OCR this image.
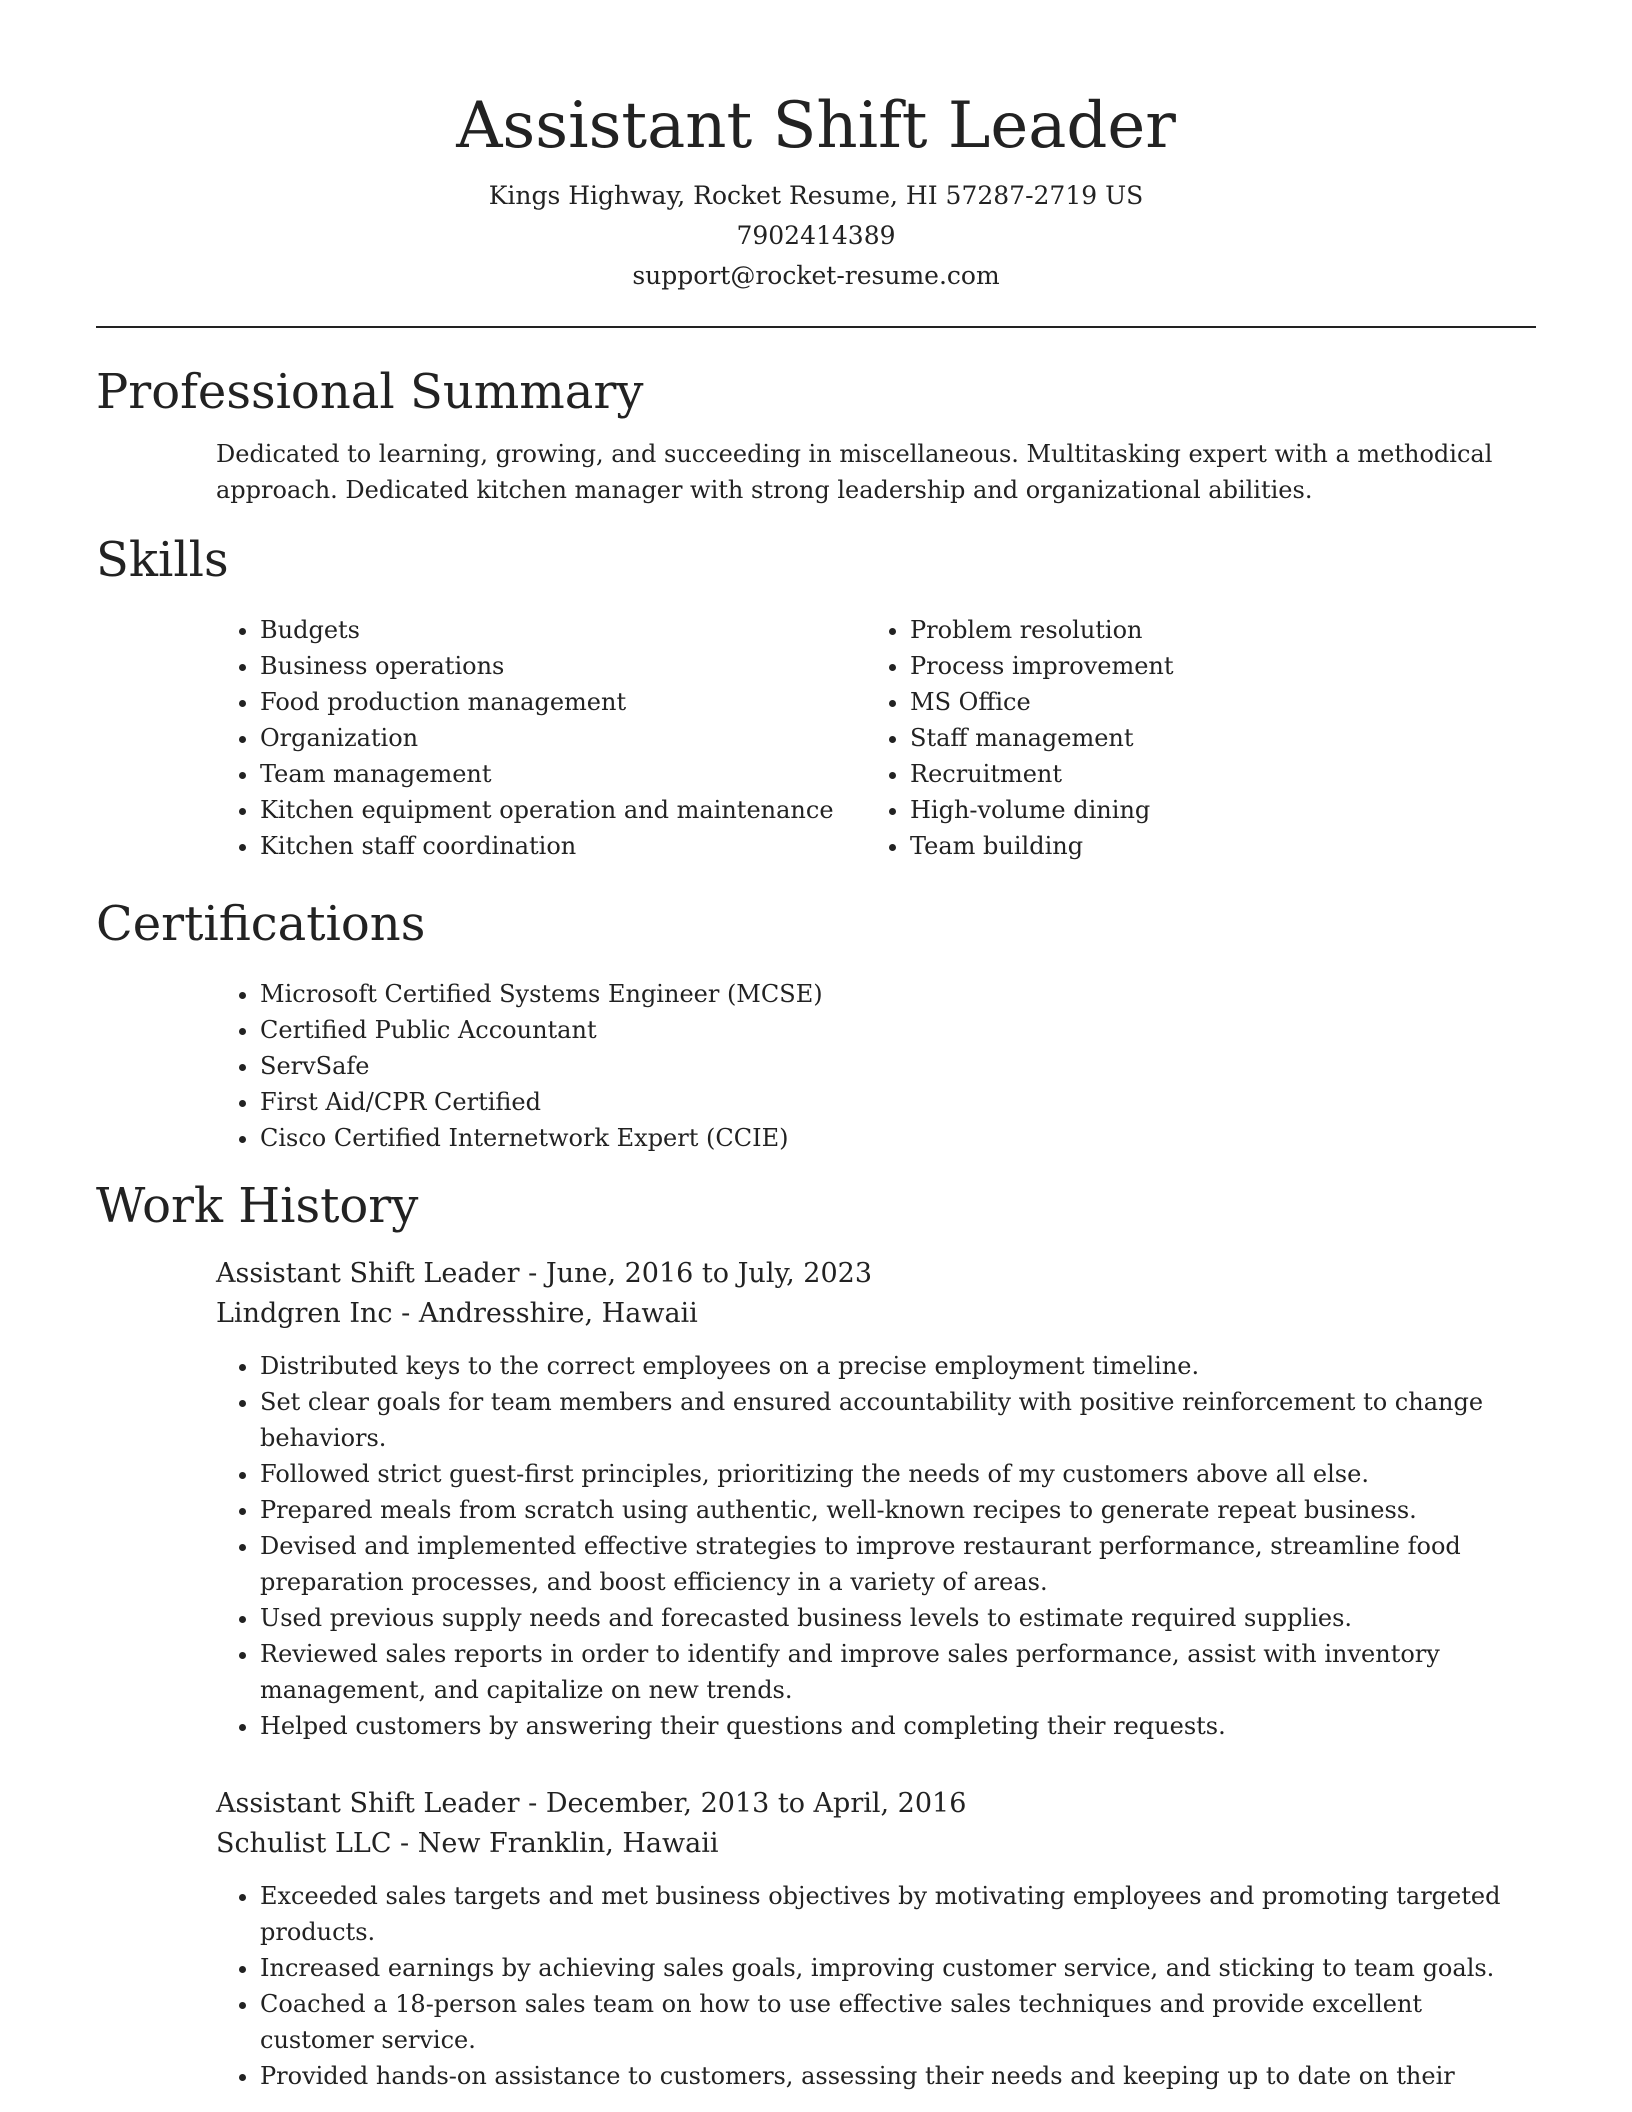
Assistant Shift Leader
Kings Highway, Rocket Resume, HI 57287-2719 US
7902414389
support@rocket-resume.com
Professional Summary
Dedicated to learning, growing, and succeeding in miscellaneous. Multitasking expert with a methodical approach. Dedicated kitchen manager with strong leadership and organizational abilities.
Skills
• Budgets
• Business operations
• Food production management
• Organization
• Team management
• Kitchen equipment operation and maintenance
• Kitchen staff coordination
• Problem resolution
• Process improvement
• MS Office
• Staff management
• Recruitment
• High-volume dining
• Team building
Certifications
• Microsoft Certified Systems Engineer (MCSE)
• Certified Public Accountant
• ServSafe
• First Aid/CPR Certified
• Cisco Certified Internetwork Expert (CCIE)
Work History
Assistant Shift Leader - June, 2016 to July, 2023
Lindgren Inc - Andresshire, Hawaii
• Distributed keys to the correct employees on a precise employment timeline.
• Set clear goals for team members and ensured accountability with positive reinforcement to change behaviors.
• Followed strict guest-first principles, prioritizing the needs of my customers above all else.
• Prepared meals from scratch using authentic, well-known recipes to generate repeat business.
• Devised and implemented effective strategies to improve restaurant performance, streamline food preparation processes, and boost efficiency in a variety of areas.
• Used previous supply needs and forecasted business levels to estimate required supplies.
• Reviewed sales reports in order to identify and improve sales performance, assist with inventory management, and capitalize on new trends.
• Helped customers by answering their questions and completing their requests.
Assistant Shift Leader - December, 2013 to April, 2016
Schulist LLC - New Franklin, Hawaii
• Exceeded sales targets and met business objectives by motivating employees and promoting targeted products.
• Increased earnings by achieving sales goals, improving customer service, and sticking to team goals.
• Coached a 18-person sales team on how to use effective sales techniques and provide excellent customer service.
• Provided hands-on assistance to customers, assessing their needs and keeping up to date on their
